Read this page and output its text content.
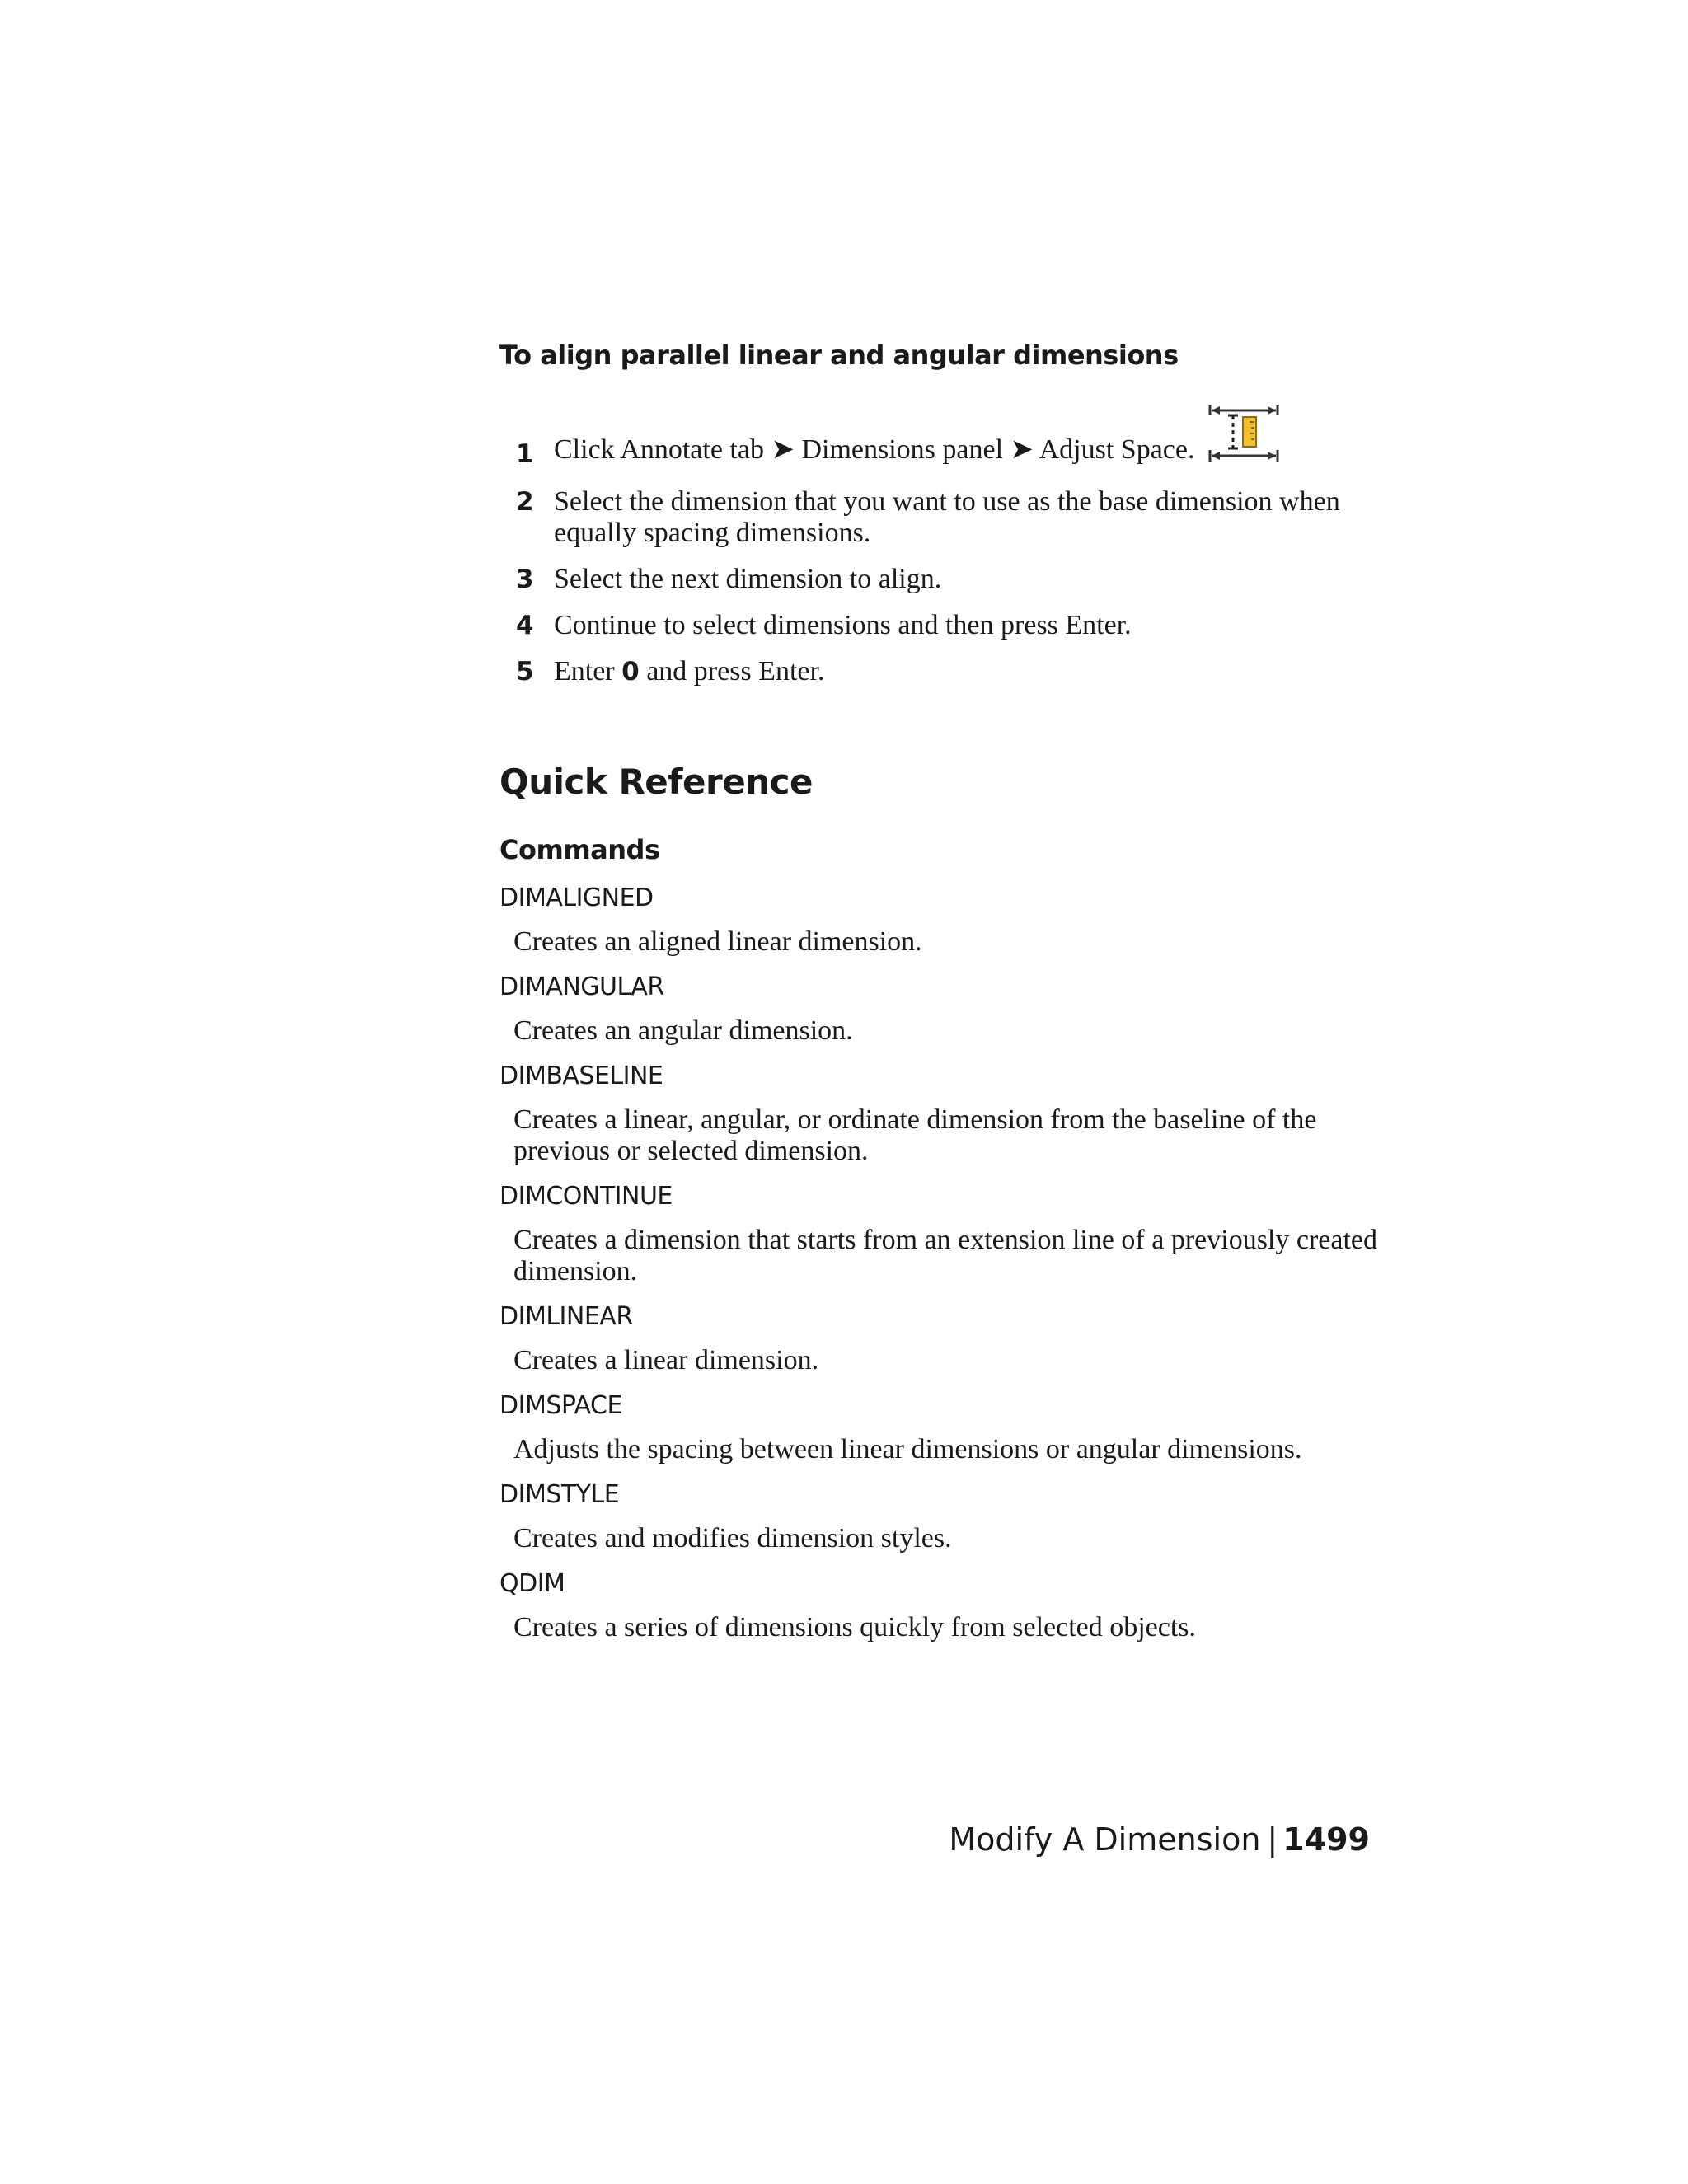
To align parallel linear and angular dimensions
1 Click Annotate tab ➤ Dimensions panel ➤ Adjust Space.
2 Select the dimension that you want to use as the base dimension when equally spacing dimensions.
3 Select the next dimension to align.
4 Continue to select dimensions and then press Enter.
5 Enter 0 and press Enter.
Quick Reference
Commands
DIMALIGNED
Creates an aligned linear dimension.
DIMANGULAR
Creates an angular dimension.
DIMBASELINE
Creates a linear, angular, or ordinate dimension from the baseline of the previous or selected dimension.
DIMCONTINUE
Creates a dimension that starts from an extension line of a previously created dimension.
DIMLINEAR
Creates a linear dimension.
DIMSPACE
Adjusts the spacing between linear dimensions or angular dimensions.
DIMSTYLE
Creates and modifies dimension styles.
QDIM
Creates a series of dimensions quickly from selected objects.
Modify A Dimension | 1499
